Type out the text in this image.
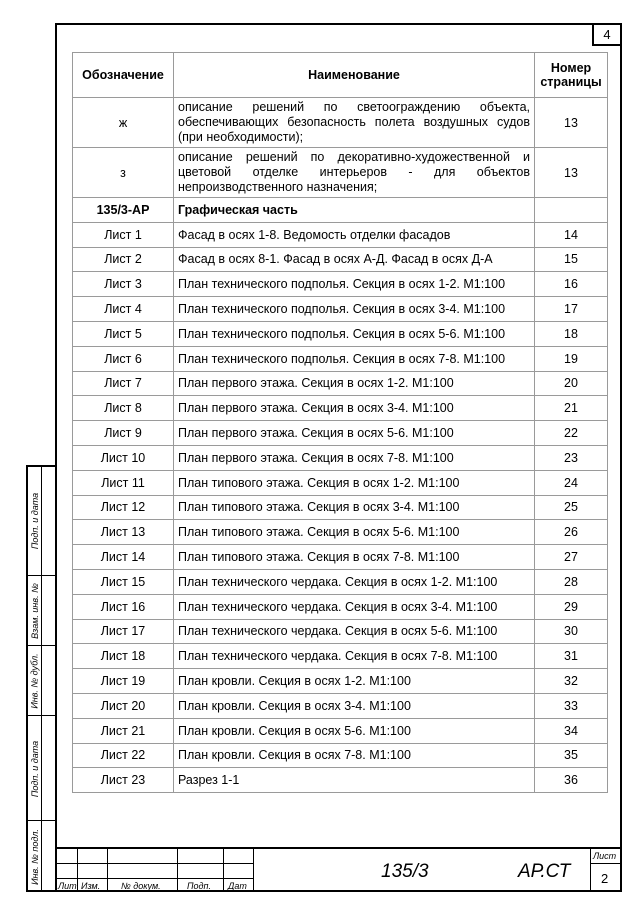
4
Обозначение	Наименование	Номер страницы
ж	описание решений по светоограждению объекта, обеспечивающих безопасность полета воздушных судов (при необходимости);	13
з	описание решений по декоративно-художественной и цветовой отделке интерьеров - для объектов непроизводственного назначения;	13
135/3-АР	Графическая часть	
Лист 1	Фасад в осях 1-8. Ведомость отделки фасадов	14
Лист 2	Фасад в осях 8-1. Фасад в осях А-Д. Фасад в осях Д-А	15
Лист 3	План технического подполья. Секция в осях 1-2. М1:100	16
Лист 4	План технического подполья. Секция в осях 3-4. М1:100	17
Лист 5	План технического подполья. Секция в осях 5-6. М1:100	18
Лист 6	План технического подполья. Секция в осях 7-8. М1:100	19
Лист 7	План первого этажа. Секция в осях 1-2. М1:100	20
Лист 8	План первого этажа. Секция в осях 3-4. М1:100	21
Лист 9	План первого этажа. Секция в осях 5-6. М1:100	22
Лист 10	План первого этажа. Секция в осях 7-8. М1:100	23
Лист 11	План типового этажа. Секция в осях 1-2. М1:100	24
Лист 12	План типового этажа. Секция в осях 3-4. М1:100	25
Лист 13	План типового этажа. Секция в осях 5-6. М1:100	26
Лист 14	План типового этажа. Секция в осях 7-8. М1:100	27
Лист 15	План технического чердака. Секция в осях 1-2. М1:100	28
Лист 16	План технического чердака. Секция в осях 3-4. М1:100	29
Лист 17	План технического чердака. Секция в осях 5-6. М1:100	30
Лист 18	План технического чердака. Секция в осях 7-8. М1:100	31
Лист 19	План кровли. Секция в осях 1-2. М1:100	32
Лист 20	План кровли. Секция в осях 3-4. М1:100	33
Лист 21	План кровли. Секция в осях 5-6. М1:100	34
Лист 22	План кровли. Секция в осях 7-8. М1:100	35
Лист 23	Разрез 1-1	36
Подп. и дата
Взам. инв. №
Инв. № дубл.
Подп. и дата
Инв. № подл.
Лит Изм. № докум.	Подп. Дат
135/3	АР.СТ
Лист
2
